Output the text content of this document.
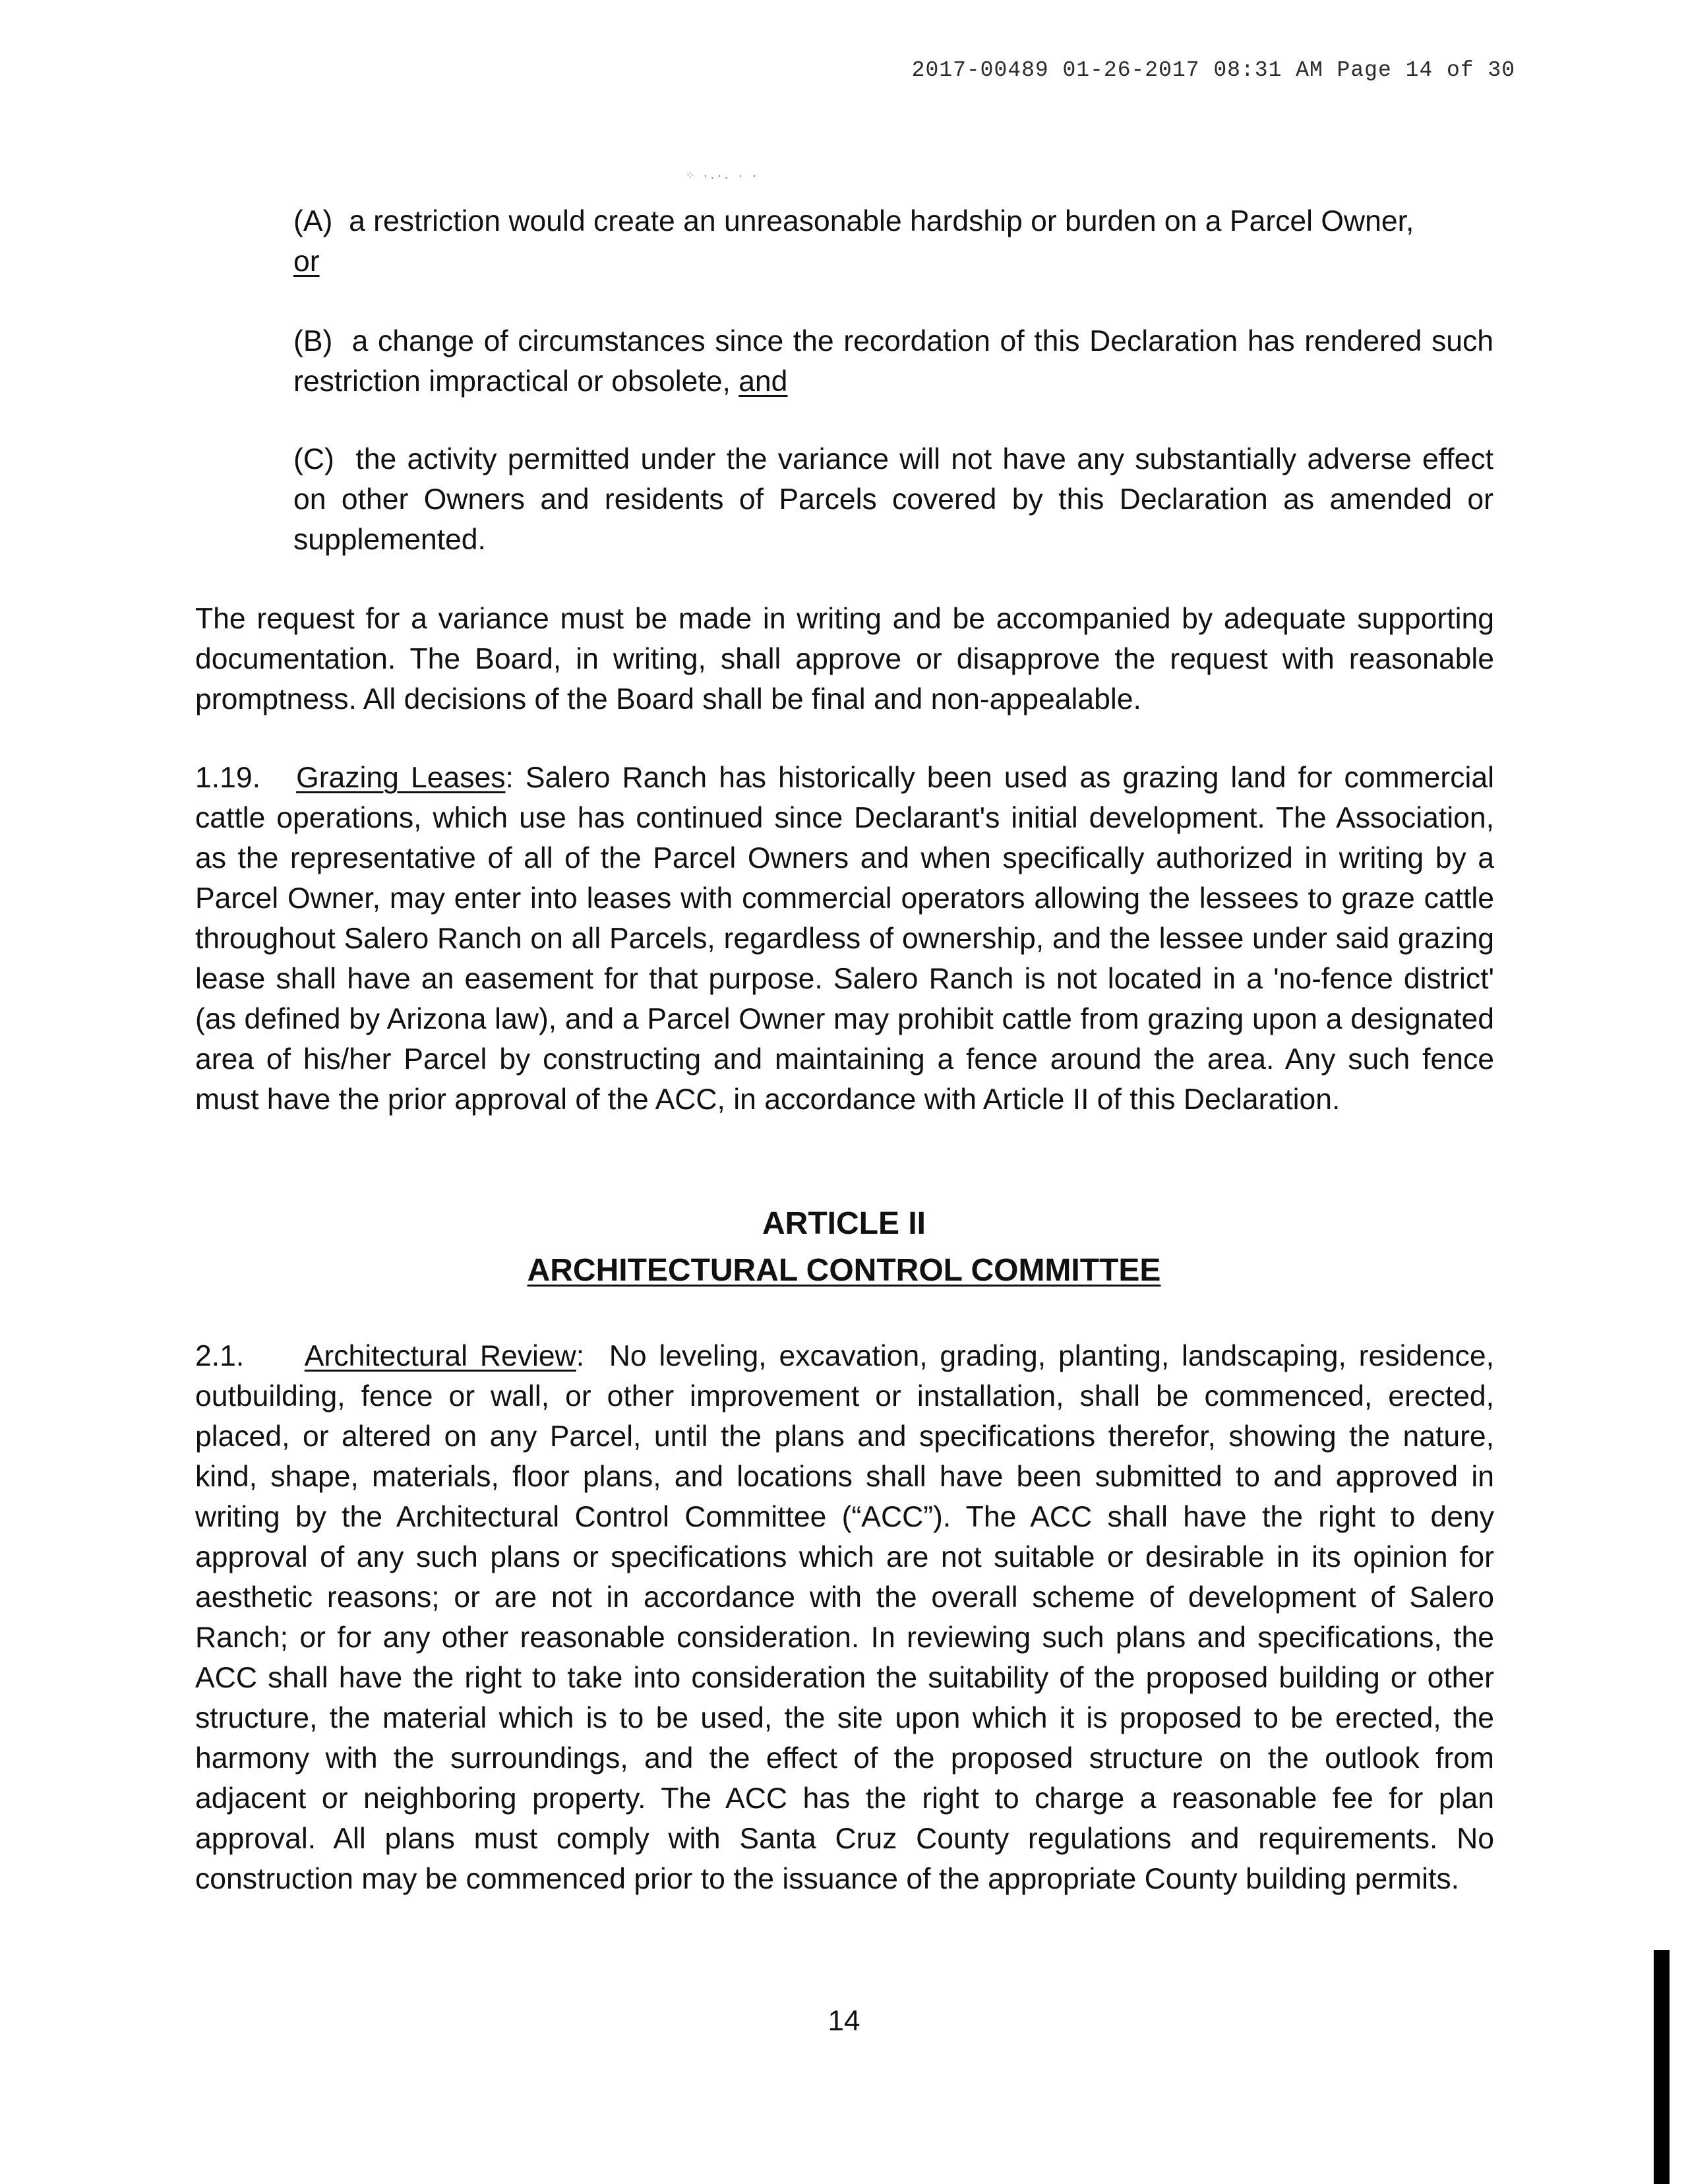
2017-00489 01-26-2017 08:31 AM Page 14 of 30
⁘ ·.·. · ·

(A) a restriction would create an unreasonable hardship or burden on a Parcel Owner,
or

(B) a change of circumstances since the recordation of this Declaration has rendered such restriction impractical or obsolete, and

(C) the activity permitted under the variance will not have any substantially adverse effect on other Owners and residents of Parcels covered by this Declaration as amended or supplemented.

The request for a variance must be made in writing and be accompanied by adequate supporting documentation. The Board, in writing, shall approve or disapprove the request with reasonable promptness. All decisions of the Board shall be final and non-appealable.

1.19. Grazing Leases: Salero Ranch has historically been used as grazing land for commercial cattle operations, which use has continued since Declarant's initial development. The Association, as the representative of all of the Parcel Owners and when specifically authorized in writing by a Parcel Owner, may enter into leases with commercial operators allowing the lessees to graze cattle throughout Salero Ranch on all Parcels, regardless of ownership, and the lessee under said grazing lease shall have an easement for that purpose. Salero Ranch is not located in a 'no-fence district' (as defined by Arizona law), and a Parcel Owner may prohibit cattle from grazing upon a designated area of his/her Parcel by constructing and maintaining a fence around the area. Any such fence must have the prior approval of the ACC, in accordance with Article II of this Declaration.

ARTICLE II

ARCHITECTURAL CONTROL COMMITTEE

2.1. Architectural Review:  No leveling, excavation, grading, planting, landscaping, residence, outbuilding, fence or wall, or other improvement or installation, shall be commenced, erected, placed, or altered on any Parcel, until the plans and specifications therefor, showing the nature, kind, shape, materials, floor plans, and locations shall have been submitted to and approved in writing by the Architectural Control Committee (“ACC”). The ACC shall have the right to deny approval of any such plans or specifications which are not suitable or desirable in its opinion for aesthetic reasons; or are not in accordance with the overall scheme of development of Salero Ranch; or for any other reasonable consideration. In reviewing such plans and specifications, the ACC shall have the right to take into consideration the suitability of the proposed building or other structure, the material which is to be used, the site upon which it is proposed to be erected, the harmony with the surroundings, and the effect of the proposed structure on the outlook from adjacent or neighboring property. The ACC has the right to charge a reasonable fee for plan approval. All plans must comply with Santa Cruz County regulations and requirements. No construction may be commenced prior to the issuance of the appropriate County building permits.

14
